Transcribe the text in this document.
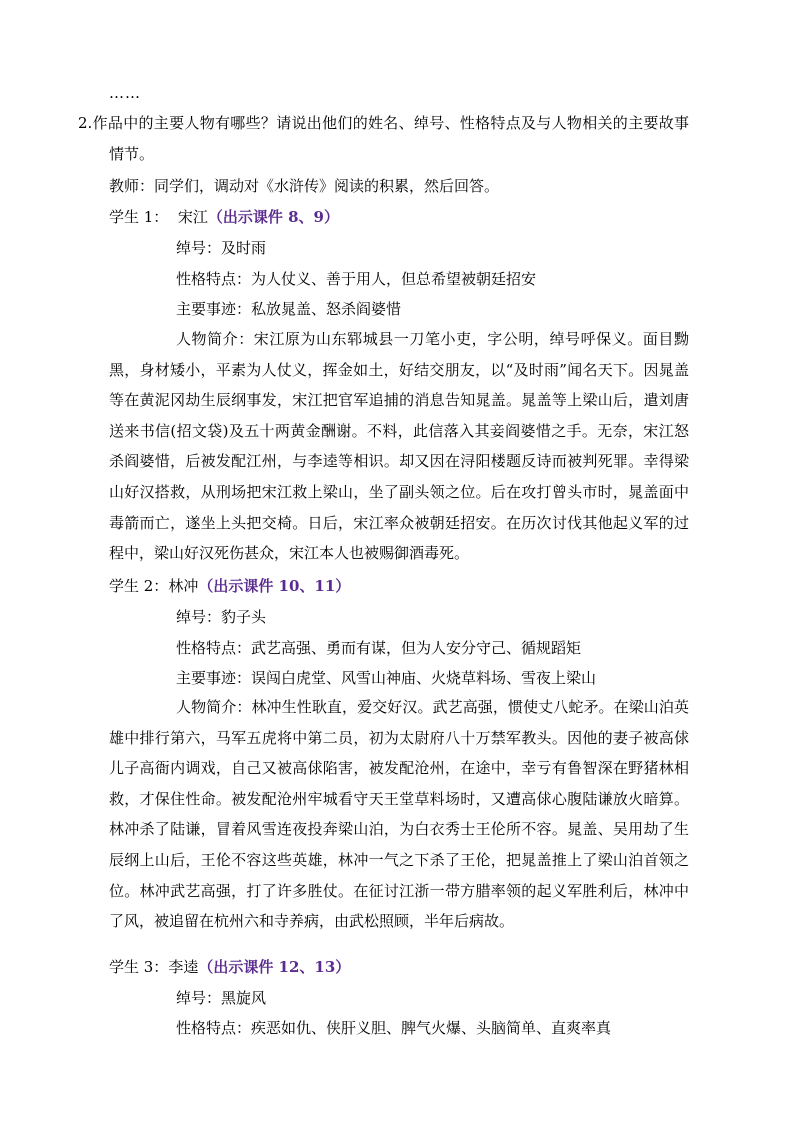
……
2.作品中的主要人物有哪些？请说出他们的姓名、绰号、性格特点及与人物相关的主要故事情节。
教师：同学们，调动对《水浒传》阅读的积累，然后回答。
学生 1： 宋江（出示课件 8、9）
绰号：及时雨
性格特点：为人仗义、善于用人，但总希望被朝廷招安
主要事迹：私放晁盖、怒杀阎婆惜
人物简介：宋江原为山东郓城县一刀笔小吏，字公明，绰号呼保义。面目黝黑，身材矮小，平素为人仗义，挥金如土，好结交朋友，以“及时雨”闻名天下。因晁盖等在黄泥冈劫生辰纲事发，宋江把官军追捕的消息告知晁盖。晁盖等上梁山后，遣刘唐送来书信(招文袋)及五十两黄金酬谢。不料，此信落入其妾阎婆惜之手。无奈，宋江怒杀阎婆惜，后被发配江州，与李逵等相识。却又因在浔阳楼题反诗而被判死罪。幸得梁山好汉搭救，从刑场把宋江救上梁山，坐了副头领之位。后在攻打曾头市时，晁盖面中毒箭而亡，遂坐上头把交椅。日后，宋江率众被朝廷招安。在历次讨伐其他起义军的过程中，梁山好汉死伤甚众，宋江本人也被赐御酒毒死。
学生 2：林冲（出示课件 10、11）
绰号：豹子头
性格特点：武艺高强、勇而有谋，但为人安分守己、循规蹈矩
主要事迹：误闯白虎堂、风雪山神庙、火烧草料场、雪夜上梁山
人物简介：林冲生性耿直，爱交好汉。武艺高强，惯使丈八蛇矛。在梁山泊英雄中排行第六，马军五虎将中第二员，初为太尉府八十万禁军教头。因他的妻子被高俅儿子高衙内调戏，自己又被高俅陷害，被发配沧州，在途中，幸亏有鲁智深在野猪林相救，才保住性命。被发配沧州牢城看守天王堂草料场时，又遭高俅心腹陆谦放火暗算。林冲杀了陆谦，冒着风雪连夜投奔梁山泊，为白衣秀士王伦所不容。晁盖、吴用劫了生辰纲上山后，王伦不容这些英雄，林冲一气之下杀了王伦，把晁盖推上了梁山泊首领之位。林冲武艺高强，打了许多胜仗。在征讨江浙一带方腊率领的起义军胜利后，林冲中了风，被追留在杭州六和寺养病，由武松照顾，半年后病故。
学生 3：李逵（出示课件 12、13）
绰号：黑旋风
性格特点：疾恶如仇、侠肝义胆、脾气火爆、头脑简单、直爽率真
